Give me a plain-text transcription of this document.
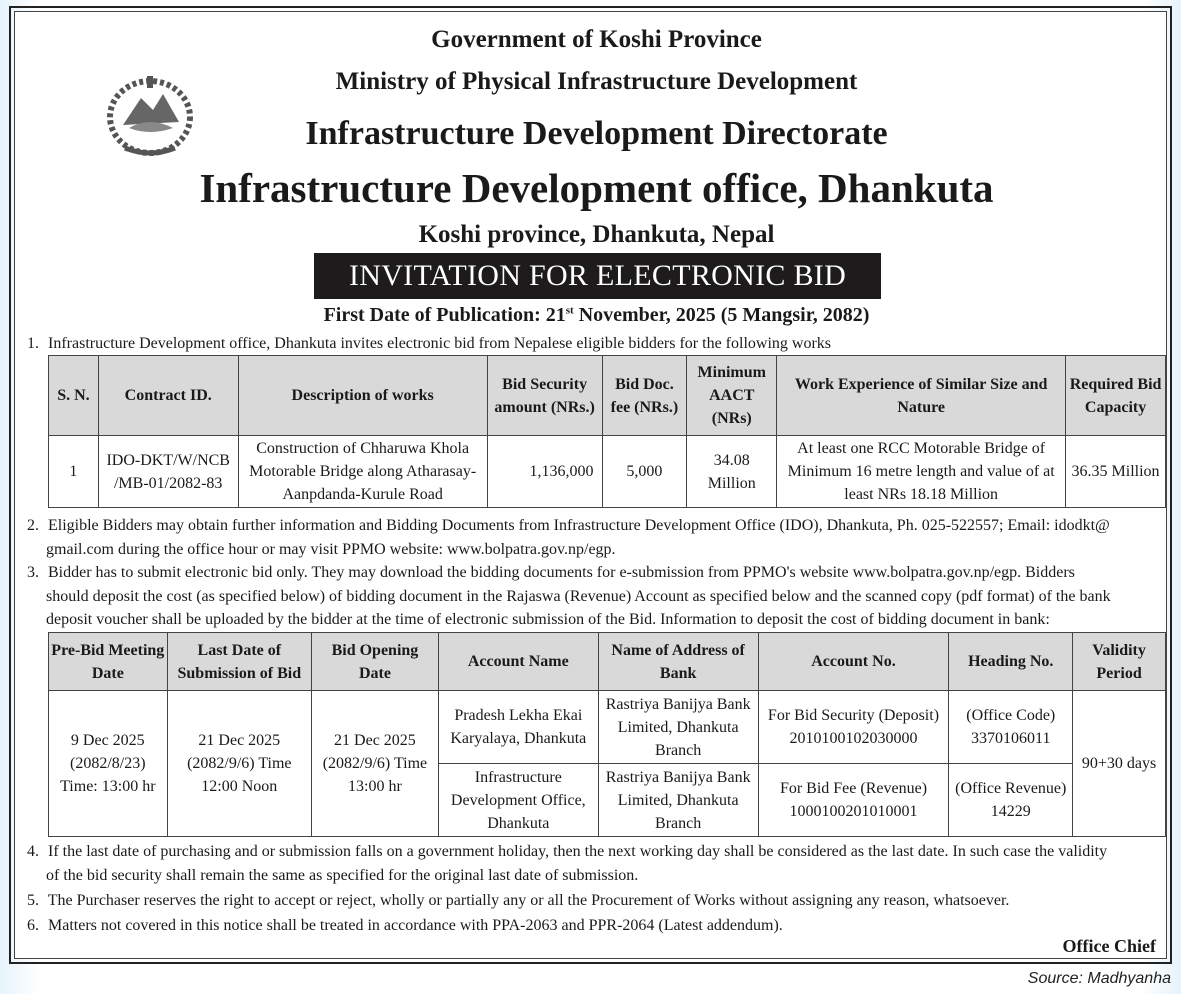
Government of Koshi Province
Ministry of Physical Infrastructure Development
Infrastructure Development Directorate
Infrastructure Development office, Dhankuta
Koshi province, Dhankuta, Nepal
INVITATION FOR ELECTRONIC BID
First Date of Publication: 21st November, 2025 (5 Mangsir, 2082)
1. Infrastructure Development office, Dhankuta invites electronic bid from Nepalese eligible bidders for the following works
S. N.	Contract ID.	Description of works	Bid Security amount (NRs.)	Bid Doc. fee (NRs.)	Minimum AACT (NRs)	Work Experience of Similar Size and Nature	Required Bid Capacity
1	IDO-DKT/W/NCB /MB-01/2082-83	Construction of Chharuwa Khola Motorable Bridge along Atharasay-Aanpdanda-Kurule Road	1,136,000	5,000	34.08 Million	At least one RCC Motorable Bridge of Minimum 16 metre length and value of at least NRs 18.18 Million	36.35 Million
2. Eligible Bidders may obtain further information and Bidding Documents from Infrastructure Development Office (IDO), Dhankuta, Ph. 025-522557; Email: idodkt@
gmail.com during the office hour or may visit PPMO website: www.bolpatra.gov.np/egp.
3. Bidder has to submit electronic bid only. They may download the bidding documents for e-submission from PPMO's website www.bolpatra.gov.np/egp. Bidders
should deposit the cost (as specified below) of bidding document in the Rajaswa (Revenue) Account as specified below and the scanned copy (pdf format) of the bank
deposit voucher shall be uploaded by the bidder at the time of electronic submission of the Bid. Information to deposit the cost of bidding document in bank:
Pre-Bid Meeting Date	Last Date of Submission of Bid	Bid Opening Date	Account Name	Name of Address of Bank	Account No.	Heading No.	Validity Period
9 Dec 2025 (2082/8/23) Time: 13:00 hr	21 Dec 2025 (2082/9/6) Time 12:00 Noon	21 Dec 2025 (2082/9/6) Time 13:00 hr	Pradesh Lekha Ekai Karyalaya, Dhankuta	Rastriya Banijya Bank Limited, Dhankuta Branch	For Bid Security (Deposit) 2010100102030000	(Office Code) 3370106011	90+30 days
			Infrastructure Development Office, Dhankuta	Rastriya Banijya Bank Limited, Dhankuta Branch	For Bid Fee (Revenue) 1000100201010001	(Office Revenue) 14229	
4. If the last date of purchasing and or submission falls on a government holiday, then the next working day shall be considered as the last date. In such case the validity
of the bid security shall remain the same as specified for the original last date of submission.
5. The Purchaser reserves the right to accept or reject, wholly or partially any or all the Procurement of Works without assigning any reason, whatsoever.
6. Matters not covered in this notice shall be treated in accordance with PPA-2063 and PPR-2064 (Latest addendum).
Office Chief
Source: Madhyanha
